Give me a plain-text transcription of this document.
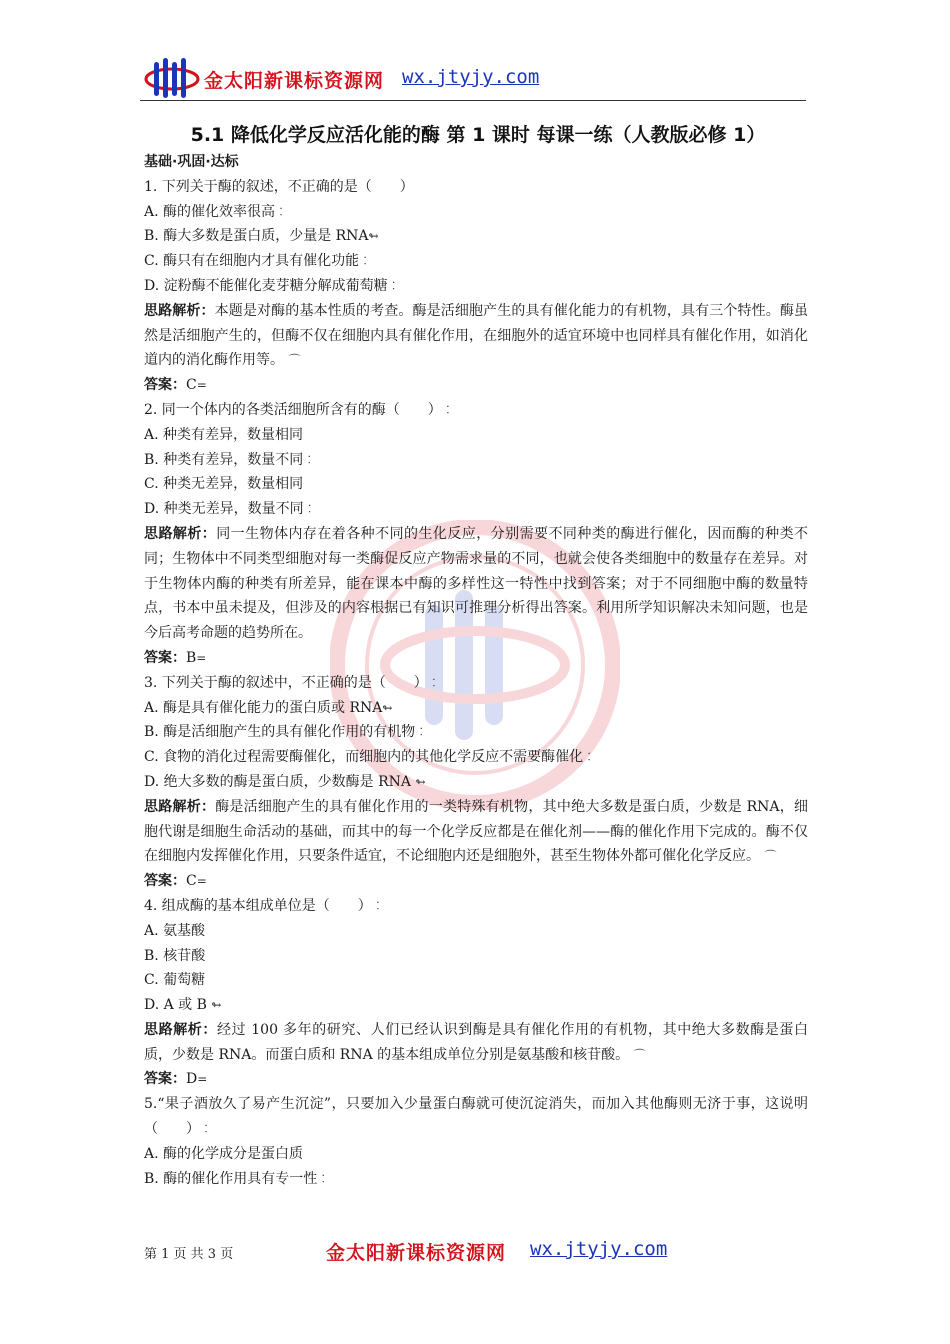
金太阳新课标资源网 wx.jtyjy.com
5.1 降低化学反应活化能的酶 第 1 课时 每课一练（人教版必修 1）
基础·巩固·达标
1. 下列关于酶的叙述，不正确的是（　　）
A. 酶的催化效率很高︰
B. 酶大多数是蛋白质，少量是 RNA↬
C. 酶只有在细胞内才具有催化功能︰
D. 淀粉酶不能催化麦芽糖分解成葡萄糖︰
思路解析：本题是对酶的基本性质的考查。酶是活细胞产生的具有催化能力的有机物，具有三个特性。酶虽然是活细胞产生的，但酶不仅在细胞内具有催化作用，在细胞外的适宜环境中也同样具有催化作用，如消化道内的消化酶作用等。 ⌒
答案：C=
2. 同一个体内的各类活细胞所含有的酶（　　）︰
A. 种类有差异，数量相同
B. 种类有差异，数量不同︰
C. 种类无差异，数量相同
D. 种类无差异，数量不同︰
思路解析：同一生物体内存在着各种不同的生化反应，分别需要不同种类的酶进行催化，因而酶的种类不同；生物体中不同类型细胞对每一类酶促反应产物需求量的不同，也就会使各类细胞中的数量存在差异。对于生物体内酶的种类有所差异，能在课本中酶的多样性这一特性中找到答案；对于不同细胞中酶的数量特点，书本中虽未提及，但涉及的内容根据已有知识可推理分析得出答案。利用所学知识解决未知问题，也是今后高考命题的趋势所在。
答案：B=
3. 下列关于酶的叙述中，不正确的是（　　）︰
A. 酶是具有催化能力的蛋白质或 RNA↬
B. 酶是活细胞产生的具有催化作用的有机物︰
C. 食物的消化过程需要酶催化，而细胞内的其他化学反应不需要酶催化︰
D. 绝大多数的酶是蛋白质，少数酶是 RNA ↬
思路解析：酶是活细胞产生的具有催化作用的一类特殊有机物，其中绝大多数是蛋白质，少数是 RNA，细胞代谢是细胞生命活动的基础，而其中的每一个化学反应都是在催化剂——酶的催化作用下完成的。酶不仅在细胞内发挥催化作用，只要条件适宜，不论细胞内还是细胞外，甚至生物体外都可催化化学反应。 ⌒
答案：C=
4. 组成酶的基本组成单位是（　　）︰
A. 氨基酸
B. 核苷酸
C. 葡萄糖
D. A 或 B ↬
思路解析：经过 100 多年的研究、人们已经认识到酶是具有催化作用的有机物，其中绝大多数酶是蛋白质，少数是 RNA。而蛋白质和 RNA 的基本组成单位分别是氨基酸和核苷酸。 ⌒
答案：D=
5.“果子酒放久了易产生沉淀”，只要加入少量蛋白酶就可使沉淀消失，而加入其他酶则无济于事，这说明（　　）︰
A. 酶的化学成分是蛋白质
B. 酶的催化作用具有专一性︰
第 1 页 共 3 页	金太阳新课标资源网 wx.jtyjy.com
